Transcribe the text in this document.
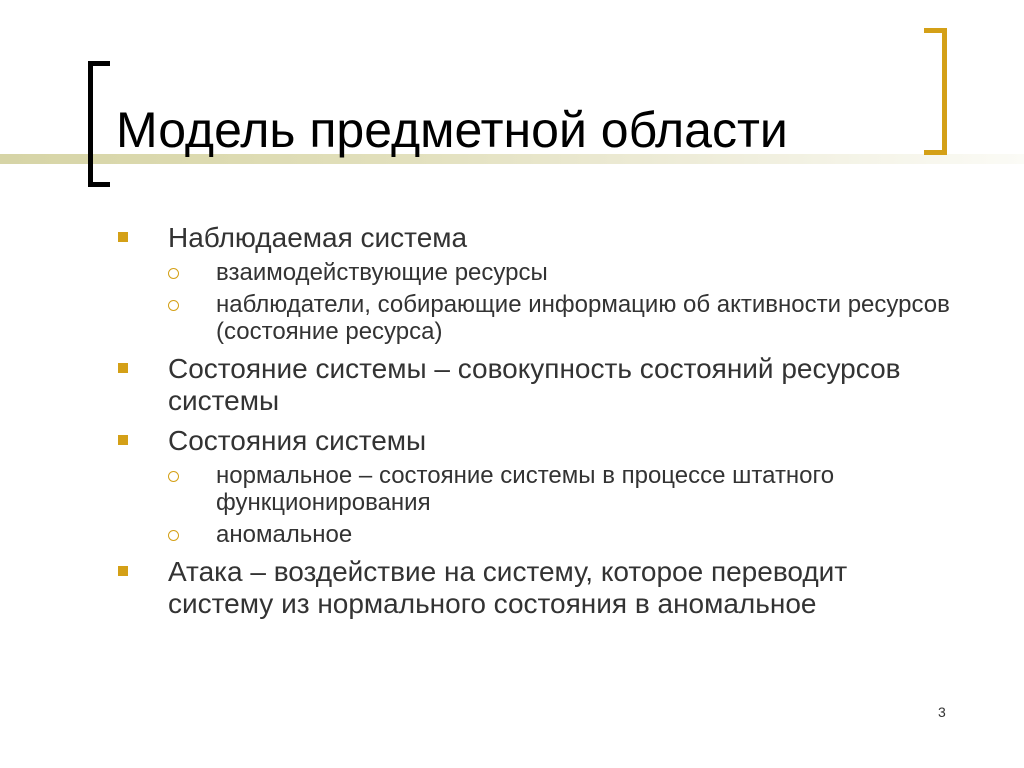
Модель предметной области
Наблюдаемая система
взаимодействующие ресурсы
наблюдатели, собирающие информацию об активности ресурсов (состояние ресурса)
Состояние системы – совокупность состояний ресурсов системы
Состояния системы
нормальное – состояние системы в процессе штатного функционирования
аномальное
Атака – воздействие на систему, которое переводит систему из нормального состояния в аномальное
3
